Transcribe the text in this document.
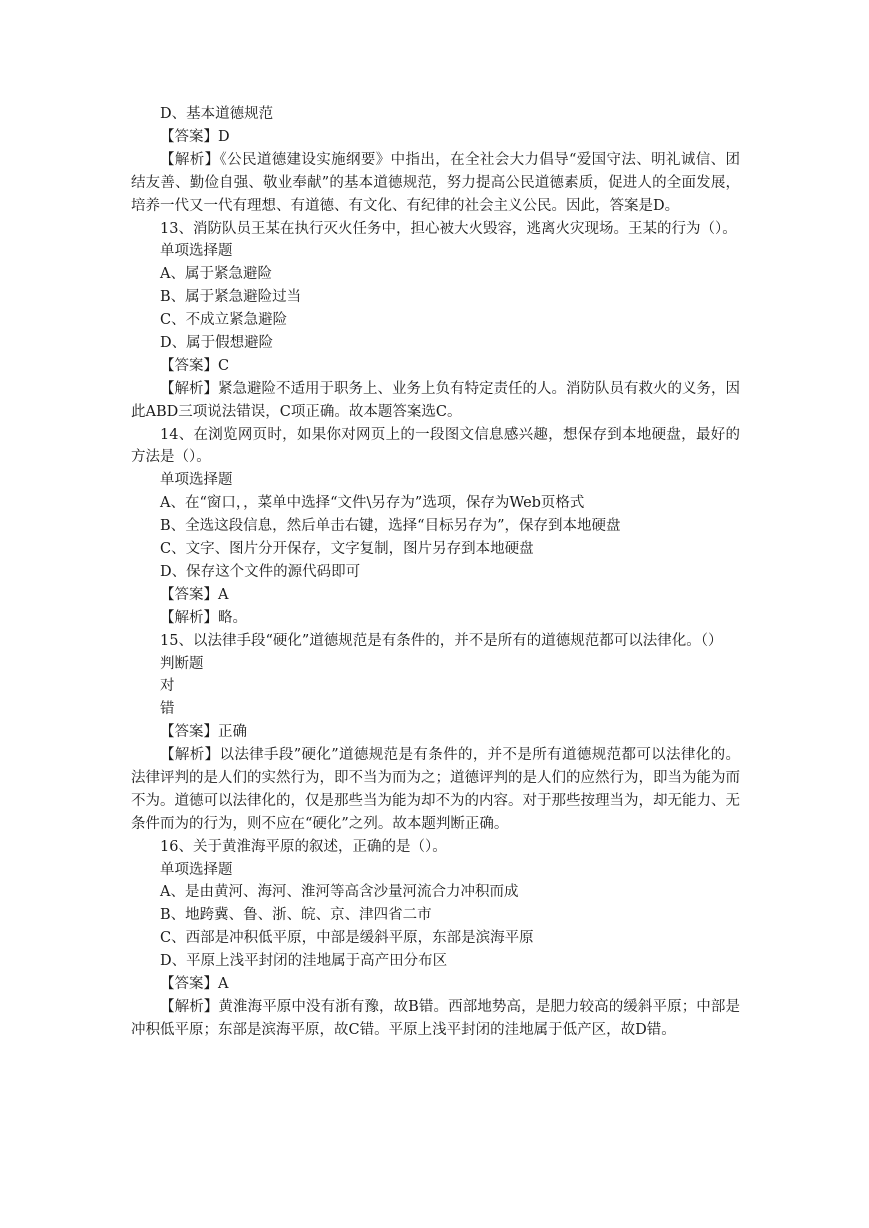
D、基本道德规范
【答案】D
【解析】《公民道德建设实施纲要》中指出，在全社会大力倡导“爱国守法、明礼诚信、团结友善、勤俭自强、敬业奉献”的基本道德规范，努力提高公民道德素质，促进人的全面发展，培养一代又一代有理想、有道德、有文化、有纪律的社会主义公民。因此，答案是D。
13、消防队员王某在执行灭火任务中，担心被大火毁容，逃离火灾现场。王某的行为（）。
单项选择题
A、属于紧急避险
B、属于紧急避险过当
C、不成立紧急避险
D、属于假想避险
【答案】C
【解析】紧急避险不适用于职务上、业务上负有特定责任的人。消防队员有救火的义务，因此ABD三项说法错误，C项正确。故本题答案选C。
14、在浏览网页时，如果你对网页上的一段图文信息感兴趣，想保存到本地硬盘，最好的方法是（）。
单项选择题
A、在“窗口，，菜单中选择“文件\另存为”选项，保存为Web页格式
B、全选这段信息，然后单击右键，选择“目标另存为”，保存到本地硬盘
C、文字、图片分开保存，文字复制，图片另存到本地硬盘
D、保存这个文件的源代码即可
【答案】A
【解析】略。
15、以法律手段“硬化”道德规范是有条件的，并不是所有的道德规范都可以法律化。（）
判断题
对
错
【答案】正确
【解析】以法律手段”硬化”道德规范是有条件的，并不是所有道德规范都可以法律化的。法律评判的是人们的实然行为，即不当为而为之；道德评判的是人们的应然行为，即当为能为而不为。道德可以法律化的，仅是那些当为能为却不为的内容。对于那些按理当为，却无能力、无条件而为的行为，则不应在“硬化”之列。故本题判断正确。
16、关于黄淮海平原的叙述，正确的是（）。
单项选择题
A、是由黄河、海河、淮河等高含沙量河流合力冲积而成
B、地跨冀、鲁、浙、皖、京、津四省二市
C、西部是冲积低平原，中部是缓斜平原，东部是滨海平原
D、平原上浅平封闭的洼地属于高产田分布区
【答案】A
【解析】黄淮海平原中没有浙有豫，故B错。西部地势高，是肥力较高的缓斜平原；中部是冲积低平原；东部是滨海平原，故C错。平原上浅平封闭的洼地属于低产区，故D错。
